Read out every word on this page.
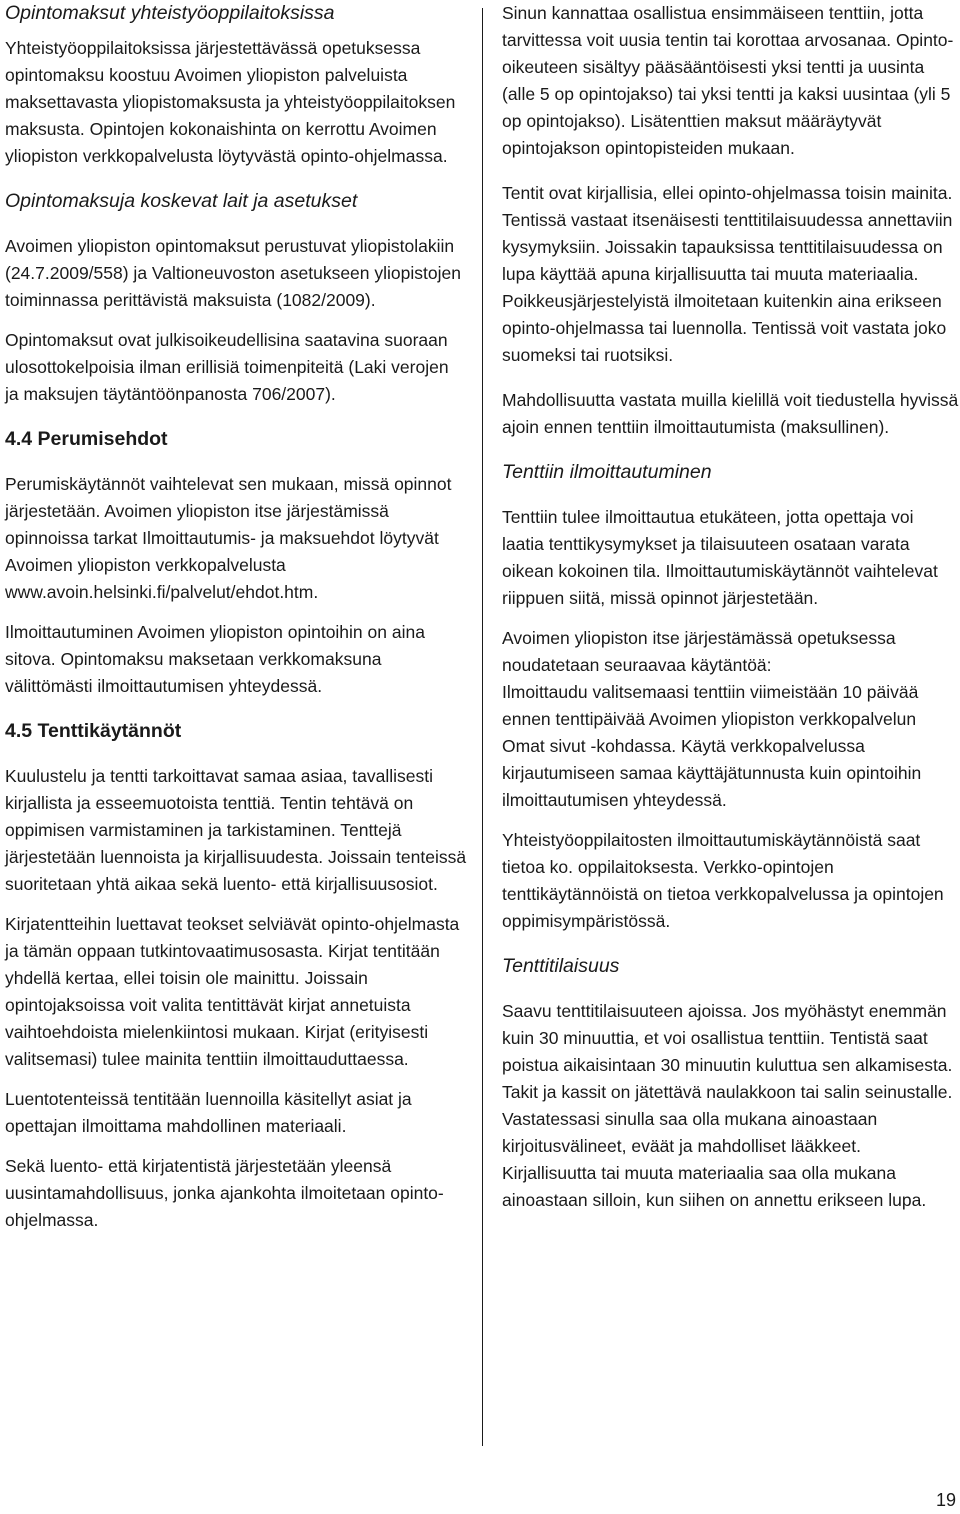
Opintomaksut yhteistyöoppilaitoksissa

Yhteistyöoppilaitoksissa järjestettävässä opetuksessa opintomaksu koostuu Avoimen yliopiston palveluista maksettavasta yliopistomaksusta ja yhteistyöoppilaitoksen maksusta. Opintojen kokonaishinta on kerrottu Avoimen yliopiston verkkopalvelusta löytyvästä opinto-ohjelmassa.

Opintomaksuja koskevat lait ja asetukset

Avoimen yliopiston opintomaksut perustuvat yliopistolakiin (24.7.2009/558) ja Valtioneuvoston asetukseen yliopistojen toiminnassa perittävistä maksuista (1082/2009).

Opintomaksut ovat julkisoikeudellisina saatavina suoraan ulosottokelpoisia ilman erillisiä toimenpiteitä (Laki verojen ja maksujen täytäntöönpanosta 706/2007).

4.4 Perumisehdot

Perumiskäytännöt vaihtelevat sen mukaan, missä opinnot järjestetään. Avoimen yliopiston itse järjestämissä opinnoissa tarkat Ilmoittautumis- ja maksuehdot löytyvät Avoimen yliopiston verkkopalvelusta www.avoin.helsinki.fi/palvelut/ehdot.htm.

Ilmoittautuminen Avoimen yliopiston opintoihin on aina sitova. Opintomaksu maksetaan verkkomaksuna välittömästi ilmoittautumisen yhteydessä.

4.5 Tenttikäytännöt

Kuulustelu ja tentti tarkoittavat samaa asiaa, tavallisesti kirjallista ja esseemuotoista tenttiä. Tentin tehtävä on oppimisen varmistaminen ja tarkistaminen. Tenttejä järjestetään luennoista ja kirjallisuudesta. Joissain tenteissä suoritetaan yhtä aikaa sekä luento- että kirjallisuusosiot.

Kirjatentteihin luettavat teokset selviävät opinto-ohjelmasta ja tämän oppaan tutkintovaatimusosasta. Kirjat tentitään yhdellä kertaa, ellei toisin ole mainittu. Joissain opintojaksoissa voit valita tentittävät kirjat annetuista vaihtoehdoista mielenkiintosi mukaan. Kirjat (erityisesti valitsemasi) tulee mainita tenttiin ilmoittauduttaessa.

Luentotenteissä tentitään luennoilla käsitellyt asiat ja opettajan ilmoittama mahdollinen materiaali.

Sekä luento- että kirjatentistä järjestetään yleensä uusintamahdollisuus, jonka ajankohta ilmoitetaan opinto-ohjelmassa.

Sinun kannattaa osallistua ensimmäiseen tenttiin, jotta tarvittessa voit uusia tentin tai korottaa arvosanaa. Opinto-oikeuteen sisältyy pääsääntöisesti yksi tentti ja uusinta (alle 5 op opintojakso) tai yksi tentti ja kaksi uusintaa (yli 5 op opintojakso). Lisätenttien maksut määräytyvät opintojakson opintopisteiden mukaan.

Tentit ovat kirjallisia, ellei opinto-ohjelmassa toisin mainita. Tentissä vastaat itsenäisesti tenttitilaisuudessa annettaviin kysymyksiin. Joissakin tapauksissa tenttitilaisuudessa on lupa käyttää apuna kirjallisuutta tai muuta materiaalia. Poikkeusjärjestelyistä ilmoitetaan kuitenkin aina erikseen opinto-ohjelmassa tai luennolla. Tentissä voit vastata joko suomeksi tai ruotsiksi.

Mahdollisuutta vastata muilla kielillä voit tiedustella hyvissä ajoin ennen tenttiin ilmoittautumista (maksullinen).

Tenttiin ilmoittautuminen

Tenttiin tulee ilmoittautua etukäteen, jotta opettaja voi laatia tenttikysymykset ja tilaisuuteen osataan varata oikean kokoinen tila. Ilmoittautumiskäytännöt vaihtelevat riippuen siitä, missä opinnot järjestetään.

Avoimen yliopiston itse järjestämässä opetuksessa noudatetaan seuraavaa käytäntöä:

Ilmoittaudu valitsemaasi tenttiin viimeistään 10 päivää ennen tenttipäivää Avoimen yliopiston verkkopalvelun Omat sivut -kohdassa. Käytä verkkopalvelussa kirjautumiseen samaa käyttäjätunnusta kuin opintoihin ilmoittautumisen yhteydessä.

Yhteistyöoppilaitosten ilmoittautumiskäytännöistä saat tietoa ko. oppilaitoksesta. Verkko-opintojen tenttikäytännöistä on tietoa verkkopalvelussa ja opintojen oppimisympäristössä.

Tenttitilaisuus

Saavu tenttitilaisuuteen ajoissa. Jos myöhästyt enemmän kuin 30 minuuttia, et voi osallistua tenttiin. Tentistä saat poistua aikaisintaan 30 minuutin kuluttua sen alkamisesta. Takit ja kassit on jätettävä naulakkoon tai salin seinustalle. Vastatessasi sinulla saa olla mukana ainoastaan kirjoitusvälineet, eväät ja mahdolliset lääkkeet. Kirjallisuutta tai muuta materiaalia saa olla mukana ainoastaan silloin, kun siihen on annettu erikseen lupa.

19
